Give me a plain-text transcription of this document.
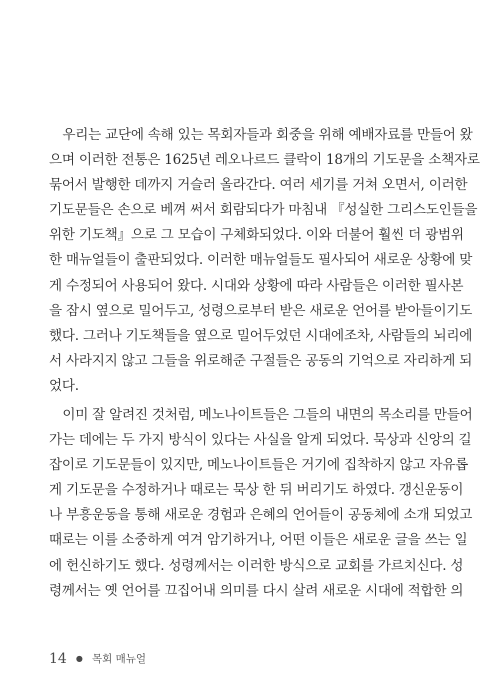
　우리는 교단에 속해 있는 목회자들과 회중을 위해 예배자료를 만들어 왔
으며 이러한 전통은 1625년 레오나르드 클락이 18개의 기도문을 소책자로
묶어서 발행한 데까지 거슬러 올라간다. 여러 세기를 거쳐 오면서, 이러한
기도문들은 손으로 베껴 써서 회람되다가 마침내 『성실한 그리스도인들을
위한 기도책』으로 그 모습이 구체화되었다. 이와 더불어 훨씬 더 광범위
한 매뉴얼들이 출판되었다. 이러한 매뉴얼들도 필사되어 새로운 상황에 맞
게 수정되어 사용되어 왔다. 시대와 상황에 따라 사람들은 이러한 필사본
을 잠시 옆으로 밀어두고, 성령으로부터 받은 새로운 언어를 받아들이기도
했다. 그러나 기도책들을 옆으로 밀어두었던 시대에조차, 사람들의 뇌리에
서 사라지지 않고 그들을 위로해준 구절들은 공동의 기억으로 자리하게 되
었다.
　이미 잘 알려진 것처럼, 메노나이트들은 그들의 내면의 목소리를 만들어
가는 데에는 두 가지 방식이 있다는 사실을 알게 되었다. 묵상과 신앙의 길
잡이로 기도문들이 있지만, 메노나이트들은 거기에 집착하지 않고 자유롭
게 기도문을 수정하거나 때로는 묵상 한 뒤 버리기도 하였다. 갱신운동이
나 부흥운동을 통해 새로운 경험과 은혜의 언어들이 공동체에 소개 되었고
때로는 이를 소중하게 여겨 암기하거나, 어떤 이들은 새로운 글을 쓰는 일
에 헌신하기도 했다. 성령께서는 이러한 방식으로 교회를 가르치신다. 성
령께서는 옛 언어를 끄집어내 의미를 다시 살려 새로운 시대에 적합한 의
14 ● 목회 매뉴얼
